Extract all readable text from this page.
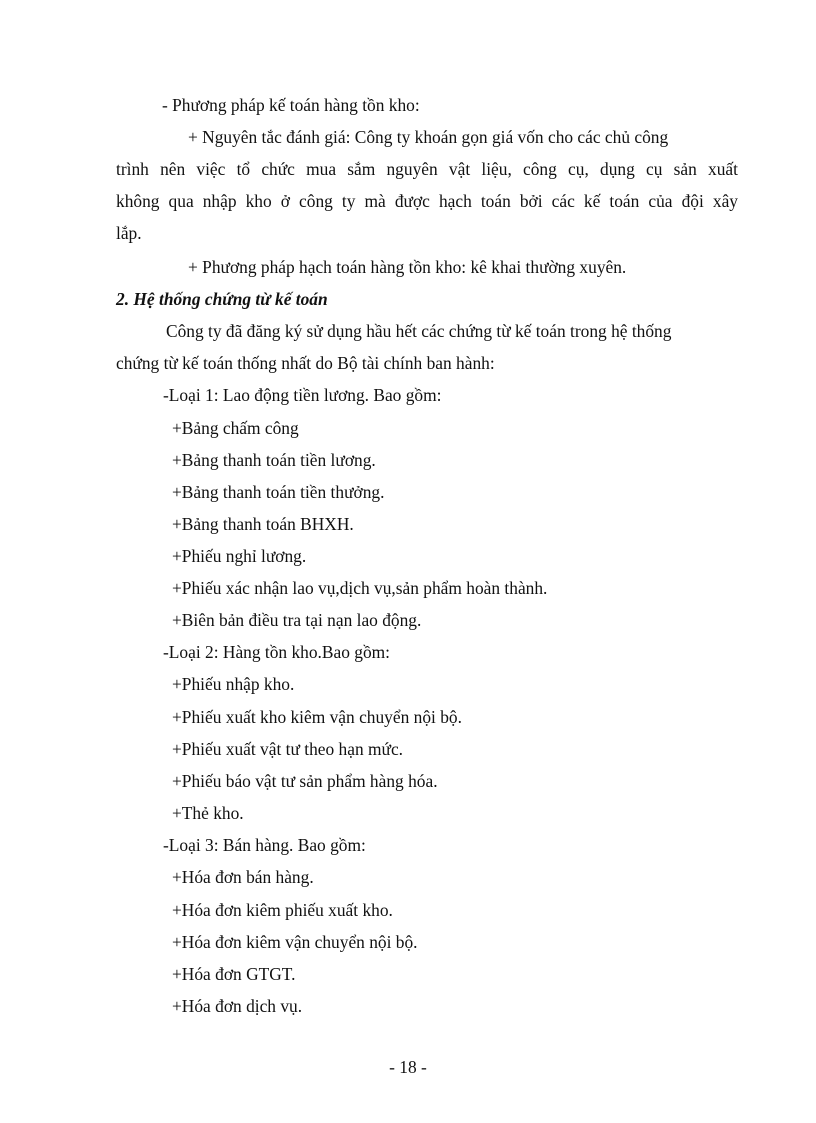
- Phương pháp kế toán hàng tồn kho:
+ Nguyên tắc đánh giá: Công ty khoán gọn giá vốn cho các chủ công
trình nên việc tổ chức mua sắm nguyên vật liệu, công cụ, dụng cụ sản xuất
không qua nhập kho ở công ty mà được hạch toán bởi các kế toán của đội xây
lắp.
+ Phương pháp hạch toán hàng tồn kho: kê khai thường xuyên.
2. Hệ thống chứng từ kế toán
Công ty đã đăng ký sử dụng hầu hết các chứng từ kế toán trong hệ thống
chứng từ kế toán thống nhất do Bộ tài chính ban hành:
-Loại 1: Lao động tiền lương. Bao gồm:
+Bảng chấm công
+Bảng thanh toán tiền lương.
+Bảng thanh toán tiền thưởng.
+Bảng thanh toán BHXH.
+Phiếu nghỉ lương.
+Phiếu xác nhận lao vụ,dịch vụ,sản phẩm hoàn thành.
+Biên bản điều tra tại nạn lao động.
-Loại 2: Hàng tồn kho.Bao gồm:
+Phiếu nhập kho.
+Phiếu xuất kho kiêm vận chuyển nội bộ.
+Phiếu xuất vật tư theo hạn mức.
+Phiếu báo vật tư sản phẩm hàng hóa.
+Thẻ kho.
-Loại 3: Bán hàng. Bao gồm:
+Hóa đơn bán hàng.
+Hóa đơn kiêm phiếu xuất kho.
+Hóa đơn kiêm vận chuyển nội bộ.
+Hóa đơn GTGT.
+Hóa đơn dịch vụ.
- 18 -
